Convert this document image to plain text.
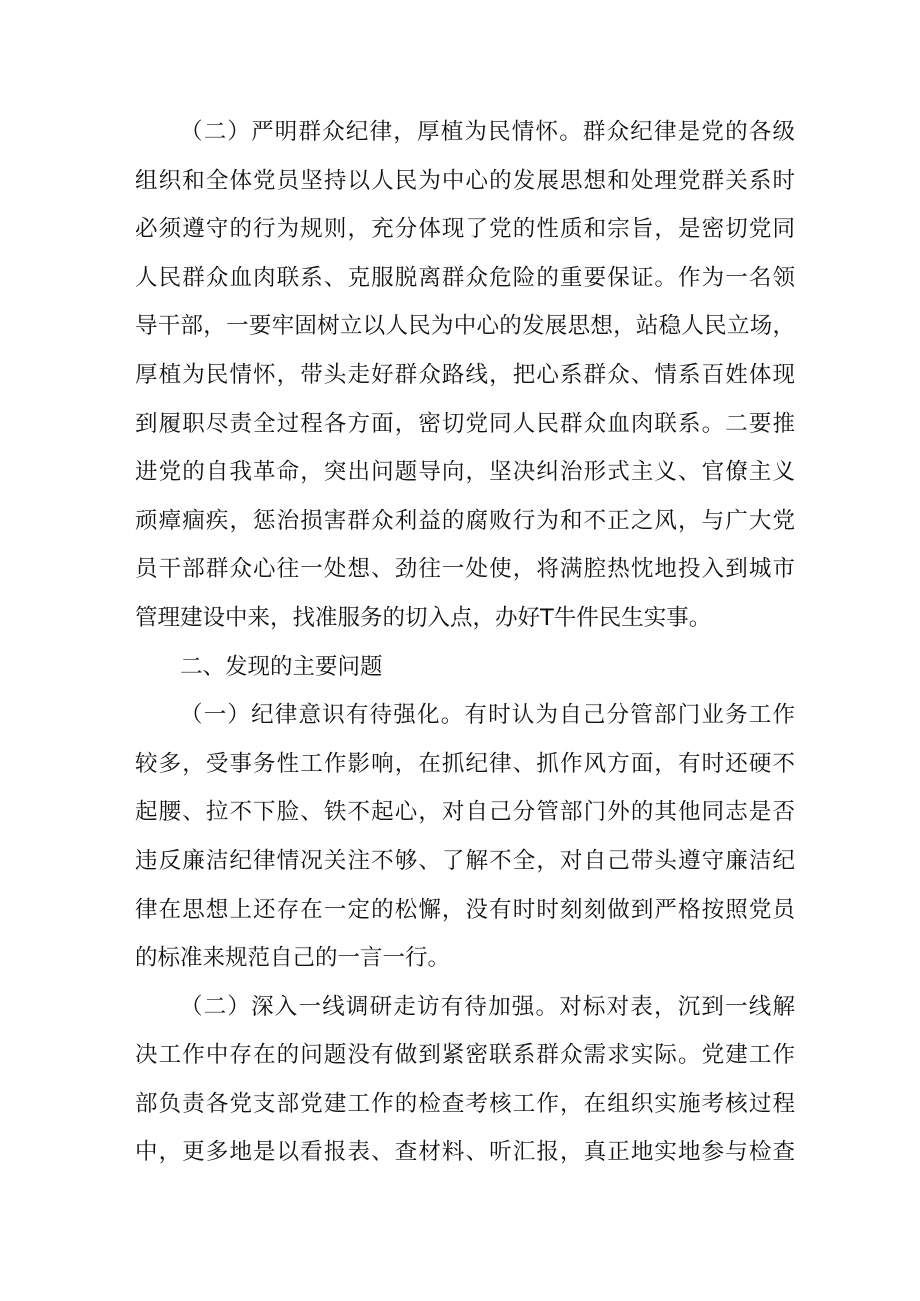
（二）严明群众纪律，厚植为民情怀。群众纪律是党的各级
组织和全体党员坚持以人民为中心的发展思想和处理党群关系时
必须遵守的行为规则，充分体现了党的性质和宗旨，是密切党同
人民群众血肉联系、克服脱离群众危险的重要保证。作为一名领
导干部，一要牢固树立以人民为中心的发展思想，站稳人民立场，
厚植为民情怀，带头走好群众路线，把心系群众、情系百姓体现
到履职尽责全过程各方面，密切党同人民群众血肉联系。二要推
进党的自我革命，突出问题导向，坚决纠治形式主义、官僚主义
顽瘴痼疾，惩治损害群众利益的腐败行为和不正之风，与广大党
员干部群众心往一处想、劲往一处使，将满腔热忱地投入到城市
管理建设中来，找准服务的切入点，办好T牛件民生实事。
二、发现的主要问题
（一）纪律意识有待强化。有时认为自己分管部门业务工作
较多，受事务性工作影响，在抓纪律、抓作风方面，有时还硬不
起腰、拉不下脸、铁不起心，对自己分管部门外的其他同志是否
违反廉洁纪律情况关注不够、了解不全，对自己带头遵守廉洁纪
律在思想上还存在一定的松懈，没有时时刻刻做到严格按照党员
的标准来规范自己的一言一行。
（二）深入一线调研走访有待加强。对标对表，沉到一线解
决工作中存在的问题没有做到紧密联系群众需求实际。党建工作
部负责各党支部党建工作的检查考核工作，在组织实施考核过程
中，更多地是以看报表、查材料、听汇报，真正地实地参与检查
